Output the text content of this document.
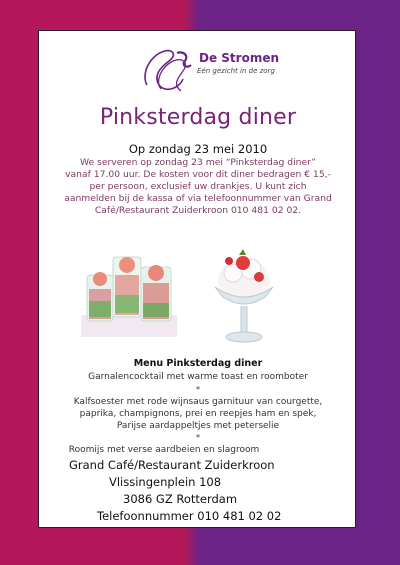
De Stromen
Eén gezicht in de zorg
Pinksterdag diner
Op zondag 23 mei 2010
We serveren op zondag 23 mei “Pinksterdag diner”
vanaf 17.00 uur. De kosten voor dit diner bedragen € 15,-
per persoon, exclusief uw drankjes. U kunt zich
aanmelden bij de kassa of via telefoonnummer van Grand
Café/Restaurant Zuiderkroon 010 481 02 02.
Menu Pinksterdag diner
Garnalencocktail met warme toast en roomboter
*
Kalfsoester met rode wijnsaus garnituur van courgette,
paprika, champignons, prei en reepjes ham en spek,
Parijse aardappeltjes met peterselie
*
Roomijs met verse aardbeien en slagroom
Grand Café/Restaurant Zuiderkroon
Vlissingenplein 108
3086 GZ Rotterdam
Telefoonnummer 010 481 02 02
